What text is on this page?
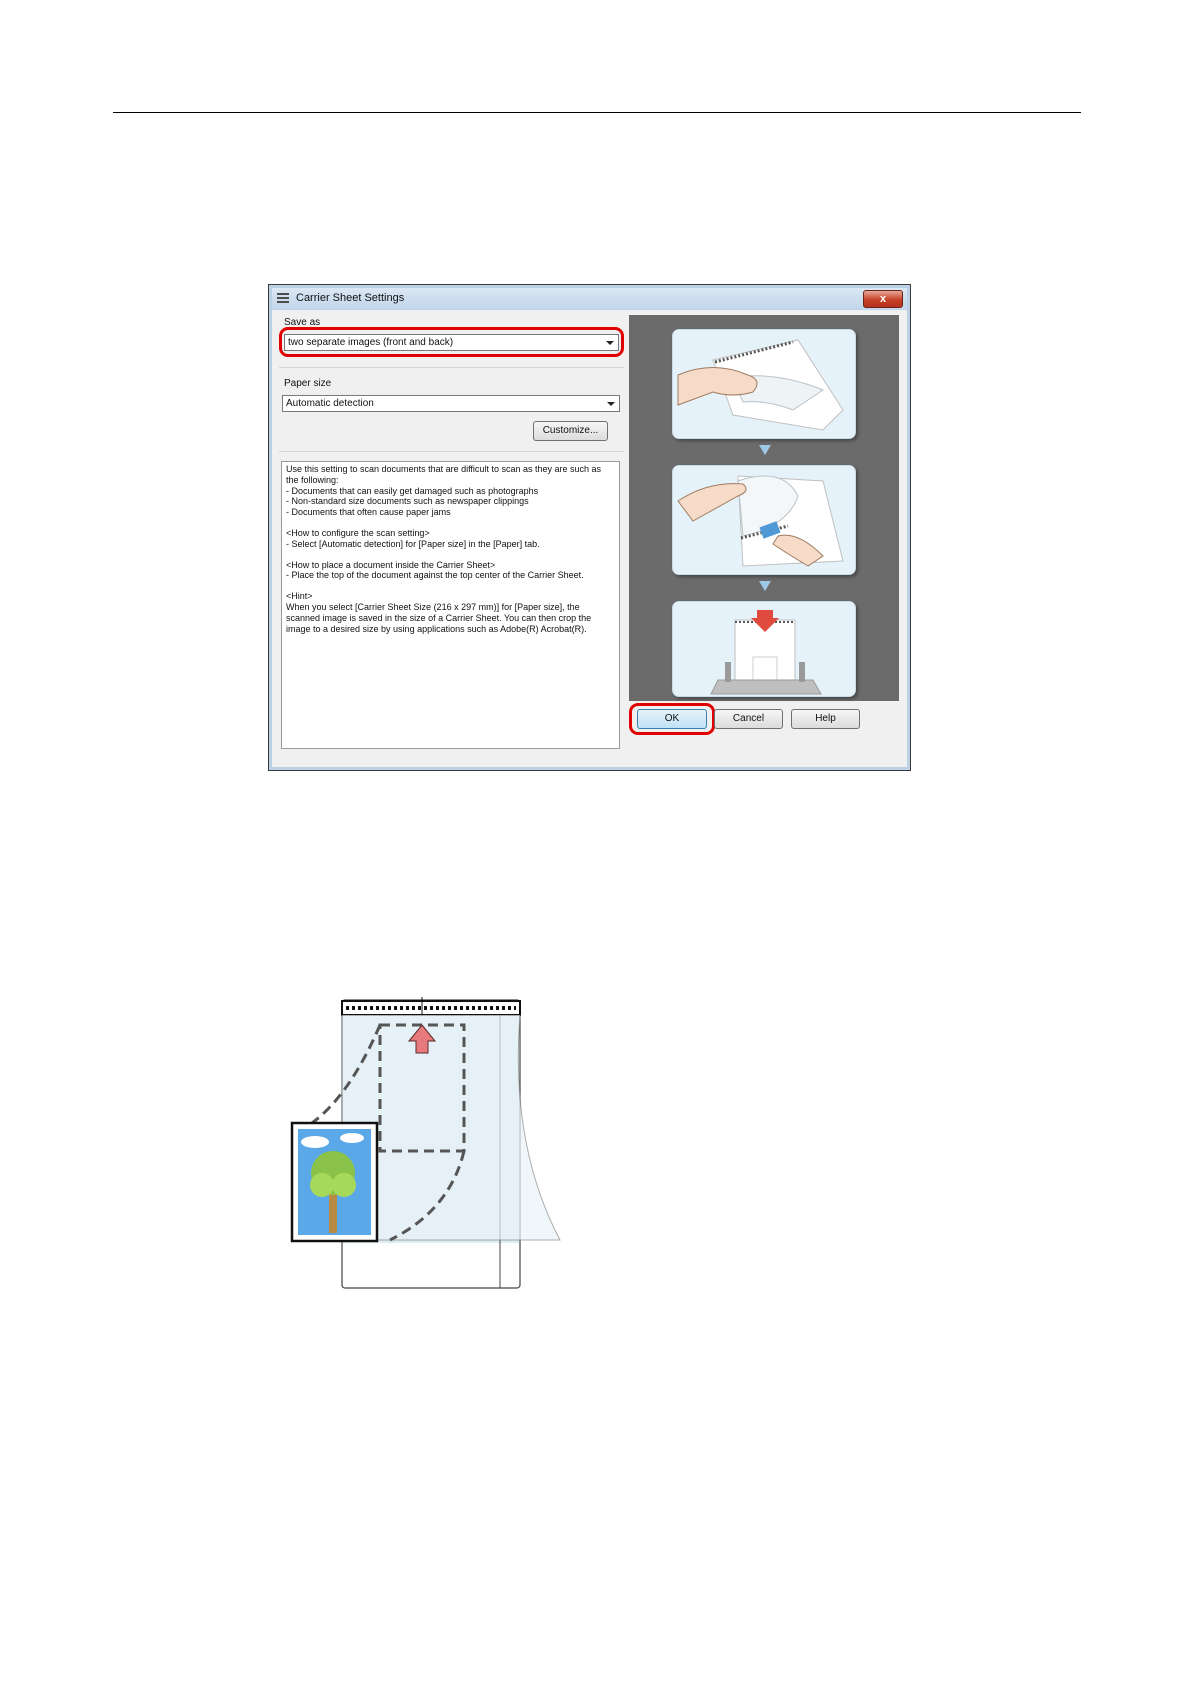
Carrier Sheet Settings	x
Save as
two separate images (front and back)
Paper size
Automatic detection
Customize...

Use this setting to scan documents that are difficult to scan as they are such as the following:
- Documents that can easily get damaged such as photographs
- Non-standard size documents such as newspaper clippings
- Documents that often cause paper jams

<How to configure the scan setting>
- Select [Automatic detection] for [Paper size] in the [Paper] tab.

<How to place a document inside the Carrier Sheet>
- Place the top of the document against the top center of the Carrier Sheet.

<Hint>
When you select [Carrier Sheet Size (216 x 297 mm)] for [Paper size], the scanned image is saved in the size of a Carrier Sheet. You can then crop the image to a desired size by using applications such as Adobe(R) Acrobat(R).

OK	Cancel	Help
